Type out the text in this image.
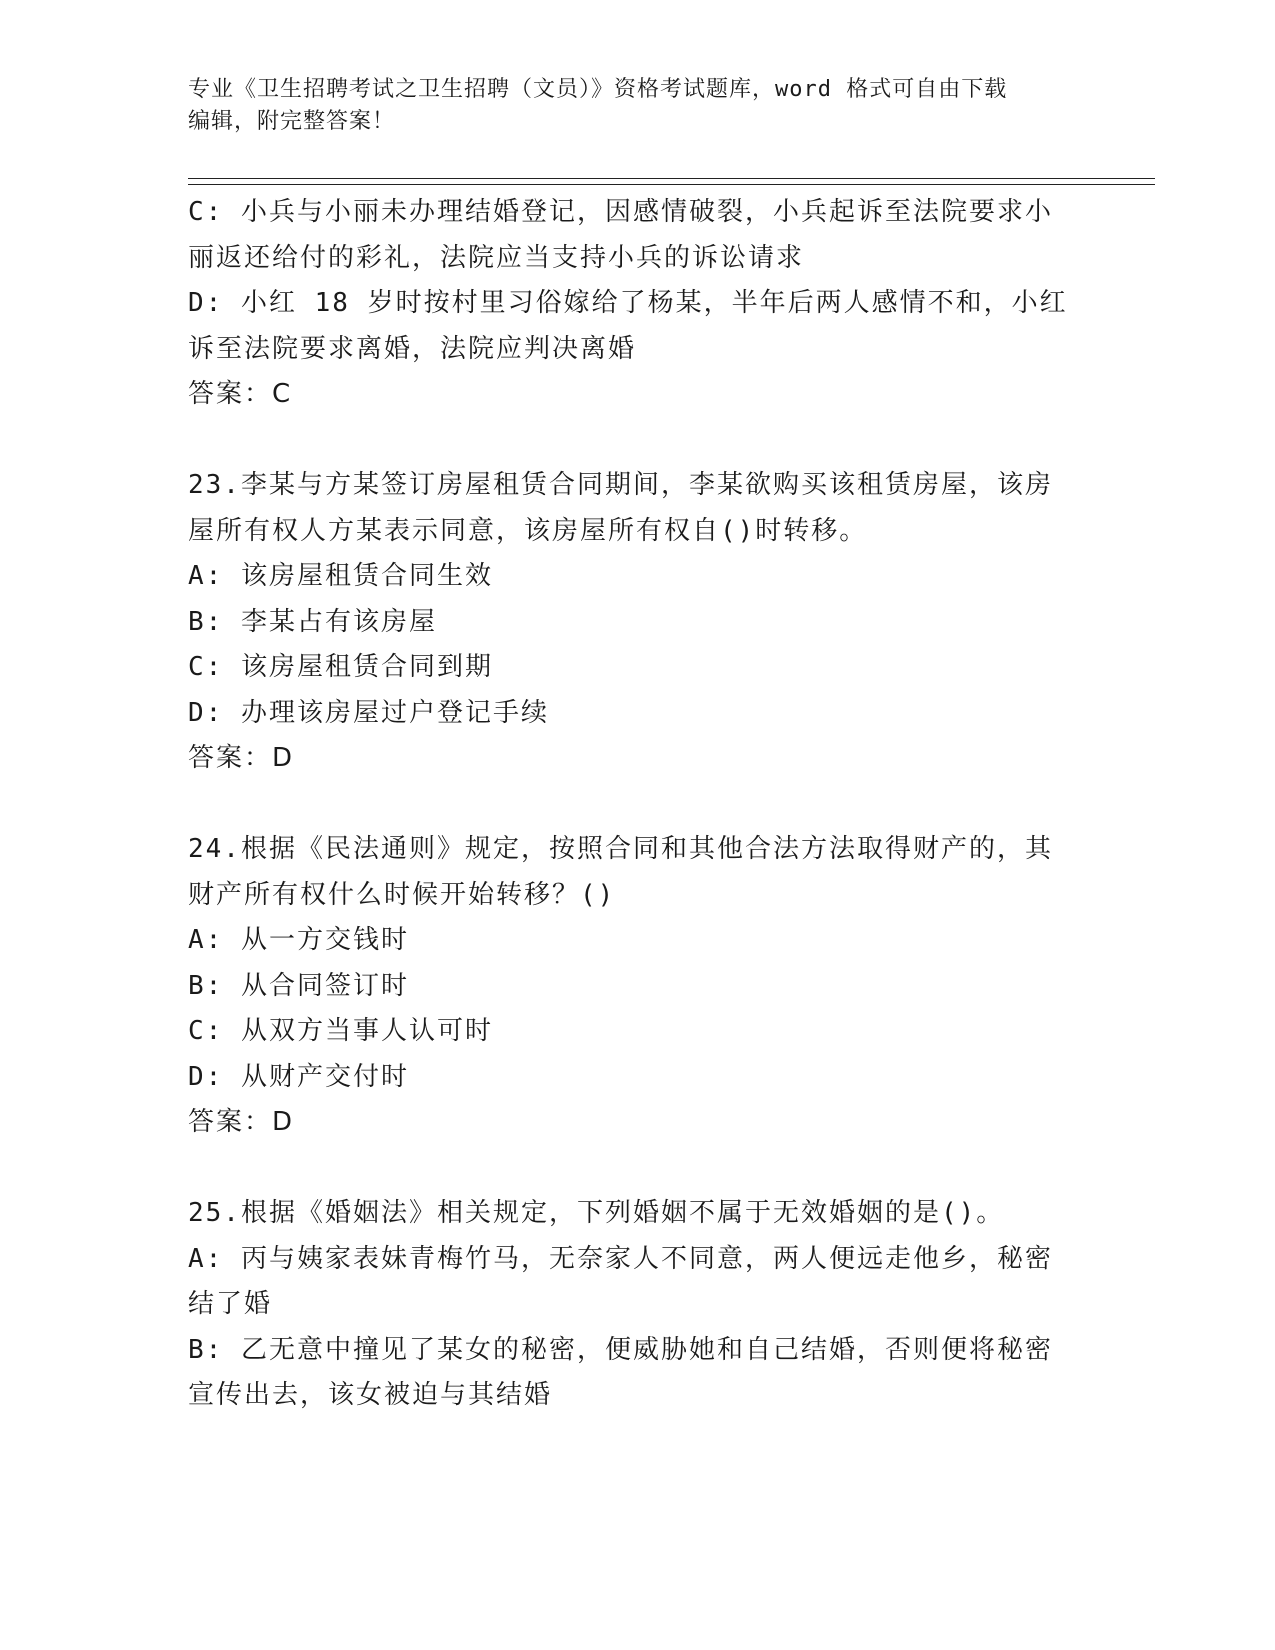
专业《卫生招聘考试之卫生招聘（文员）》资格考试题库，word 格式可自由下载
编辑，附完整答案！
C: 小兵与小丽未办理结婚登记，因感情破裂，小兵起诉至法院要求小
丽返还给付的彩礼，法院应当支持小兵的诉讼请求
D: 小红 18 岁时按村里习俗嫁给了杨某，半年后两人感情不和，小红
诉至法院要求离婚，法院应判决离婚
答案：C
23.李某与方某签订房屋租赁合同期间，李某欲购买该租赁房屋，该房
屋所有权人方某表示同意，该房屋所有权自()时转移。
A: 该房屋租赁合同生效
B: 李某占有该房屋
C: 该房屋租赁合同到期
D: 办理该房屋过户登记手续
答案：D
24.根据《民法通则》规定，按照合同和其他合法方法取得财产的，其
财产所有权什么时候开始转移？()
A: 从一方交钱时
B: 从合同签订时
C: 从双方当事人认可时
D: 从财产交付时
答案：D
25.根据《婚姻法》相关规定，下列婚姻不属于无效婚姻的是()。
A: 丙与姨家表妹青梅竹马，无奈家人不同意，两人便远走他乡，秘密
结了婚
B: 乙无意中撞见了某女的秘密，便威胁她和自己结婚，否则便将秘密
宣传出去，该女被迫与其结婚
